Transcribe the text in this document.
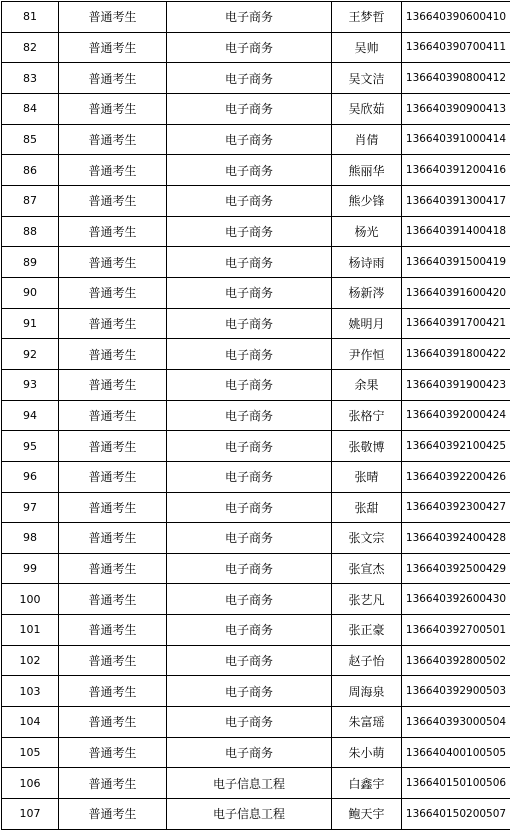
81	普通考生	电子商务	王梦哲	13664039060041​0
82	普通考生	电子商务	吴帅	136640390700411
83	普通考生	电子商务	吴文洁	136640390800412
84	普通考生	电子商务	吴欣茹	136640390900413
85	普通考生	电子商务	肖倩	136640391000414
86	普通考生	电子商务	熊丽华	136640391200416
87	普通考生	电子商务	熊少锋	136640391300417
88	普通考生	电子商务	杨光	136640391400418
89	普通考生	电子商务	杨诗雨	136640391500419
90	普通考生	电子商务	杨新涔	136640391600420
91	普通考生	电子商务	姚明月	136640391700421
92	普通考生	电子商务	尹作恒	136640391800422
93	普通考生	电子商务	余果	136640391900423
94	普通考生	电子商务	张格宁	136640392000424
95	普通考生	电子商务	张敬博	136640392100425
96	普通考生	电子商务	张晴	136640392200426
97	普通考生	电子商务	张甜	136640392300427
98	普通考生	电子商务	张文宗	136640392400428
99	普通考生	电子商务	张宣杰	136640392500429
100	普通考生	电子商务	张艺凡	136640392600430
101	普通考生	电子商务	张正豪	136640392700501
102	普通考生	电子商务	赵子怡	136640392800502
103	普通考生	电子商务	周海泉	136640392900503
104	普通考生	电子商务	朱富瑶	136640393000504
105	普通考生	电子商务	朱小萌	136640400100505
106	普通考生	电子信息工程	白鑫宇	136640150100506
107	普通考生	电子信息工程	鲍天宇	136640150200507
